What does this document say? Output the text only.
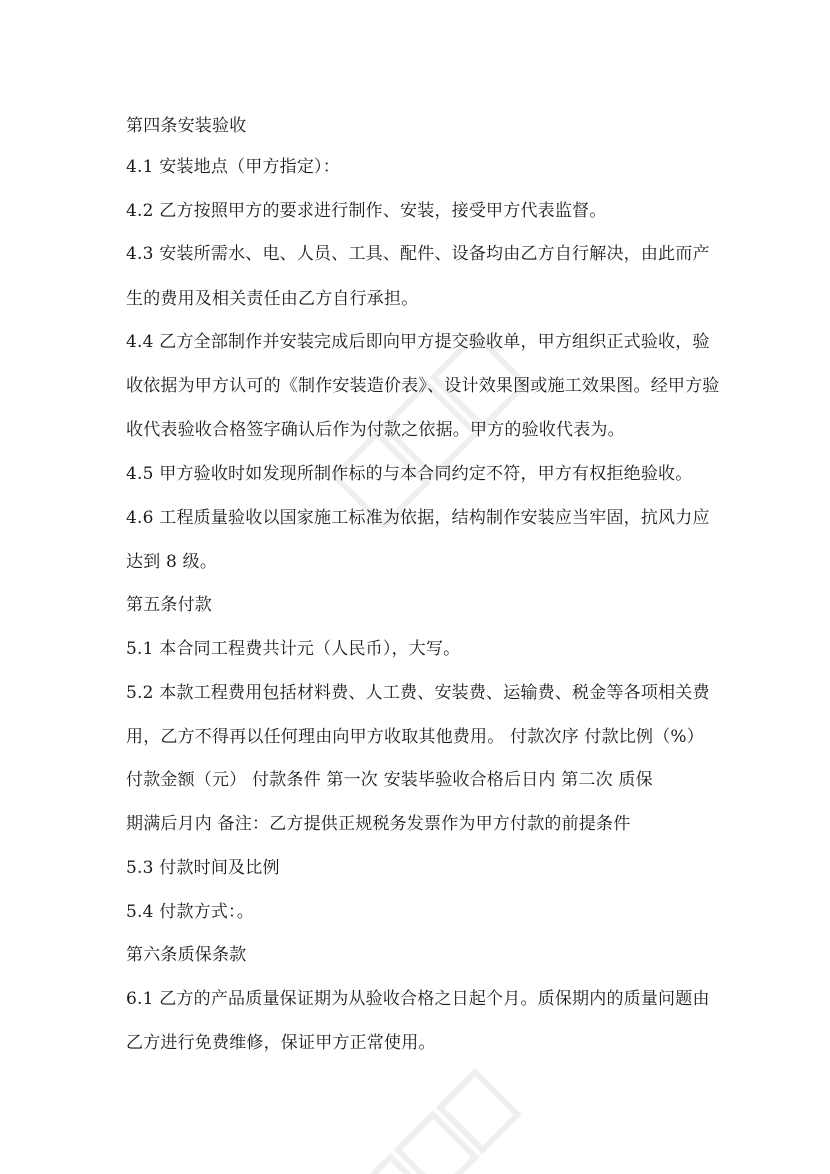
第四条安装验收
4.1 安装地点（甲方指定）：
4.2 乙方按照甲方的要求进行制作、安装，接受甲方代表监督。
4.3 安装所需水、电、人员、工具、配件、设备均由乙方自行解决，由此而产
生的费用及相关责任由乙方自行承担。
4.4 乙方全部制作并安装完成后即向甲方提交验收单，甲方组织正式验收，验
收依据为甲方认可的《制作安装造价表》、设计效果图或施工效果图。经甲方验
收代表验收合格签字确认后作为付款之依据。甲方的验收代表为。
4.5 甲方验收时如发现所制作标的与本合同约定不符，甲方有权拒绝验收。
4.6 工程质量验收以国家施工标准为依据，结构制作安装应当牢固，抗风力应
达到 8 级。
第五条付款
5.1 本合同工程费共计元（人民币），大写。
5.2 本款工程费用包括材料费、人工费、安装费、运输费、税金等各项相关费
用，乙方不得再以任何理由向甲方收取其他费用。 付款次序 付款比例（%）
付款金额（元） 付款条件 第一次 安装毕验收合格后日内 第二次 质保
期满后月内 备注：乙方提供正规税务发票作为甲方付款的前提条件
5.3 付款时间及比例
5.4 付款方式：。
第六条质保条款
6.1 乙方的产品质量保证期为从验收合格之日起个月。质保期内的质量问题由
乙方进行免费维修，保证甲方正常使用。
